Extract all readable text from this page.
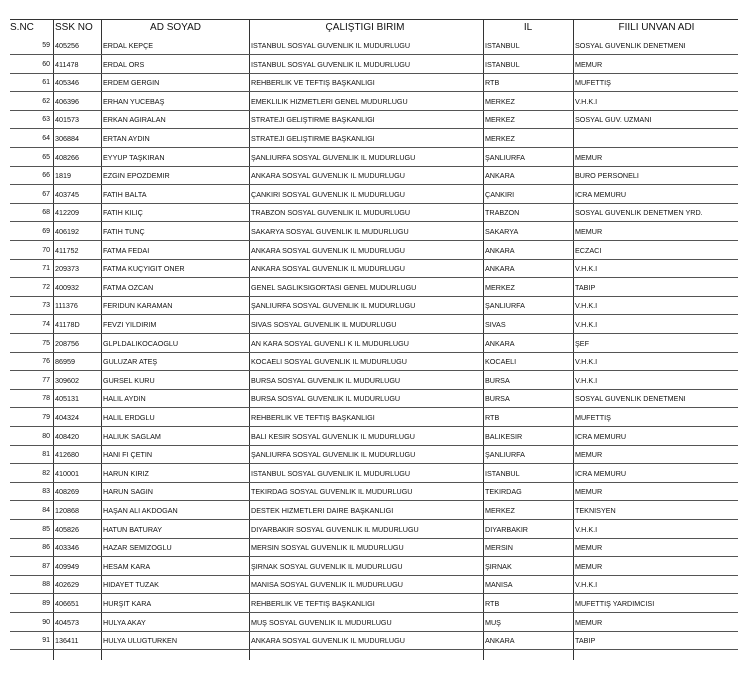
S.NC	SSK NO	AD SOYAD	ÇALIŞTIGI BIRIM	IL	FIILI UNVAN ADI
59 405256	ERDAL KEPÇE	ISTANBUL SOSYAL GUVENLIK IL MUDURLUGU	ISTANBUL	SOSYAL GUVENLIK DENETMENI
60 411478	ERDAL ORS	ISTANBUL SOSYAL GUVENLIK IL MUDURLUGU	ISTANBUL	MEMUR
61 405346	ERDEM GERGIN	REHBERLIK VE TEFTIŞ BAŞKANLIGI	RTB	MUFETTIŞ
62 406396	ERHAN YUCEBAŞ	EMEKLILIK HIZMETLERI GENEL MUDURLUGU	MERKEZ	V.H.K.I
63 401573	ERKAN AGIRALAN	STRATEJI GELIŞTIRME BAŞKANLIGI	MERKEZ	SOSYAL GUV. UZMANI
64 306884	ERTAN AYDIN	STRATEJI GELIŞTIRME BAŞKANLIGI	MERKEZ
65 408266	EYYUP TAŞKIRAN	ŞANLIURFA SOSYAL GUVENLIK IL MUDURLUGU	ŞANLIURFA	MEMUR
66 1819	EZGIN EPOZDEMIR	ANKARA SOSYAL GUVENLIK IL MUDURLUGU	ANKARA	BURO PERSONELI
67 403745	FATIH BALTA	ÇANKIRI SOSYAL GUVENLIK IL MUDURLUGU	ÇANKIRI	ICRA MEMURU
68 412209	FATIH KILIÇ	TRABZON SOSYAL GUVENLIK IL MUDURLUGU	TRABZON	SOSYAL GUVENLIK DENETMEN YRD.
69 406192	FATIH TUNÇ	SAKARYA SOSYAL GUVENLIK IL MUDURLUGU	SAKARYA	MEMUR
70 411752	FATMA FEDAI	ANKARA SOSYAL GUVENLIK IL MUDURLUGU	ANKARA	ECZACI
71 209373	FATMA KUÇYIGIT ONER	ANKARA SOSYAL GUVENLIK IL MUDURLUGU	ANKARA	V.H.K.I
72 400932	FATMA OZCAN	GENEL SAGLIKSIGORTASI GENEL MUDURLUGU	MERKEZ	TABIP
73 111376	FERIDUN KARAMAN	ŞANLIURFA SOSYAL GUVENLIK IL MUDURLUGU	ŞANLIURFA	V.H.K.I
74 41178D	FEVZI YILDIRIM	SIVAS SOSYAL GUVENLIK IL MUDURLUGU	SIVAS	V.H.K.I
75 208756	GLPLDALIKOCAOGLU	AN KARA SOSYAL GUVENLI K IL MUDURLUGU	ANKARA	ŞEF
76 86959	GULUZAR ATEŞ	KOCAELI SOSYAL GUVENLIK IL MUDURLUGU	KOCAELI	V.H.K.I
77 309602	GURSEL KURU	BURSA SOSYAL GUVENLIK IL MUDURLUGU	BURSA	V.H.K.I
78 405131	HALIL AYDIN	BURSA SOSYAL GUVENLIK IL MUDURLUGU	BURSA	SOSYAL GUVENLIK DENETMENI
79 404324	HALIL ERDGLU	REHBERLIK VE TEFTIŞ BAŞKANLIGI	RTB	MUFETTIŞ
80 408420	HALIUK SAGLAM	BALI KESIR SOSYAL GUVENLIK IL MUDURLUGU	BALIKESIR	ICRA MEMURU
81 412680	HANI FI ÇETIN	ŞANLIURFA SOSYAL GUVENLIK IL MUDURLUGU	ŞANLIURFA	MEMUR
82 410001	HARUN KIRIZ	ISTANBUL SOSYAL GUVENLIK IL MUDURLUGU	ISTANBUL	ICRA MEMURU
83 408269	HARUN SAGIN	TEKIRDAG SOSYAL GUVENLIK IL MUDURLUGU	TEKIRDAG	MEMUR
84 120868	HAŞAN ALI AKDOGAN	DESTEK HIZMETLERI DAIRE BAŞKANLIGI	MERKEZ	TEKNISYEN
85 405826	HATUN BATURAY	DIYARBAKIR SOSYAL GUVENLIK IL MUDURLUGU	DIYARBAKIR	V.H.K.I
86 403346	HAZAR SEMIZOGLU	MERSIN SOSYAL GUVENLIK IL MUDURLUGU	MERSIN	MEMUR
87 409949	HESAM KARA	ŞIRNAK SOSYAL GUVENLIK IL MUDURLUGU	ŞIRNAK	MEMUR
88 402629	HIDAYET TUZAK	MANISA SOSYAL GUVENLIK IL MUDURLUGU	MANISA	V.H.K.I
89 406651	HURŞIT KARA	REHBERLIK VE TEFTIŞ BAŞKANLIGI	RTB	MUFETTIŞ YARDIMCISI
90 404573	HULYA AKAY	MUŞ SOSYAL GUVENLIK IL MUDURLUGU	MUŞ	MEMUR
91 136411	HULYA ULUGTURKEN	ANKARA SOSYAL GUVENLIK IL MUDURLUGU	ANKARA	TABIP
